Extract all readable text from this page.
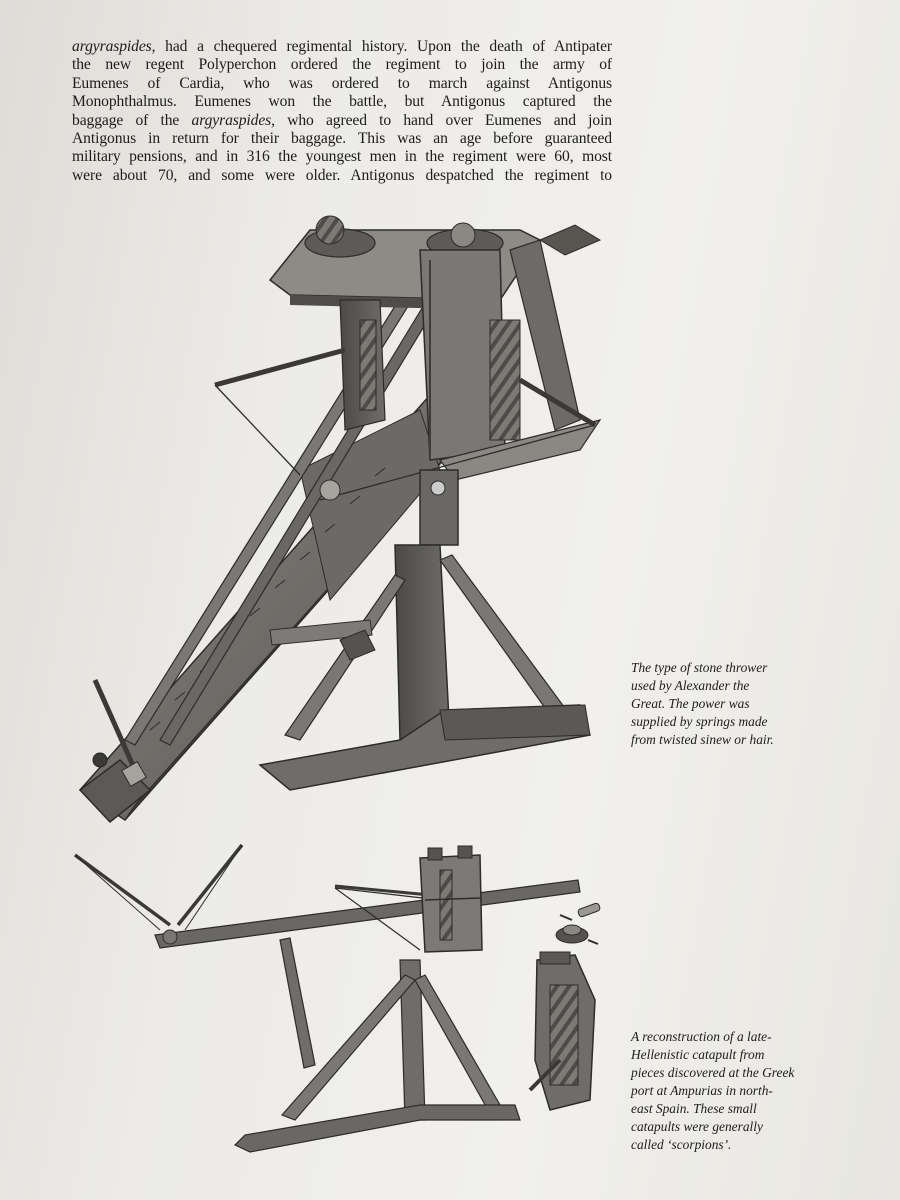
argyraspides, had a chequered regimental history. Upon the death of Antipater
the new regent Polyperchon ordered the regiment to join the army of
Eumenes of Cardia, who was ordered to march against Antigonus
Monophthalmus. Eumenes won the battle, but Antigonus captured the
baggage of the argyraspides, who agreed to hand over Eumenes and join
Antigonus in return for their baggage. This was an age before guaranteed
military pensions, and in 316 the youngest men in the regiment were 60, most
were about 70, and some were older. Antigonus despatched the regiment to
The type of stone thrower
used by Alexander the
Great. The power was
supplied by springs made
from twisted sinew or hair.
A reconstruction of a late-
Hellenistic catapult from
pieces discovered at the Greek
port at Ampurias in north-
east Spain. These small
catapults were generally
called ‘scorpions’.
